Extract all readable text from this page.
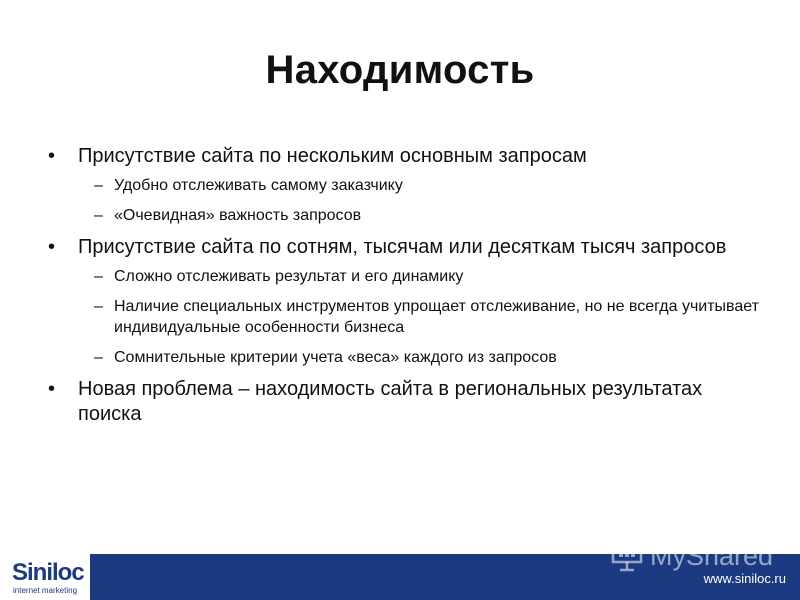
Находимость
• Присутствие сайта по нескольким основным запросам
– Удобно отслеживать самому заказчику
– «Очевидная» важность запросов
• Присутствие сайта по сотням, тысячам или десяткам тысяч запросов
– Сложно отслеживать результат и его динамику
– Наличие специальных инструментов упрощает отслеживание, но не всегда учитывает индивидуальные особенности бизнеса
– Сомнительные критерии учета «веса» каждого из запросов
• Новая проблема – находимость сайта в региональных результатах поиска
Siniloc
internet marketing
MyShared
www.siniloc.ru
